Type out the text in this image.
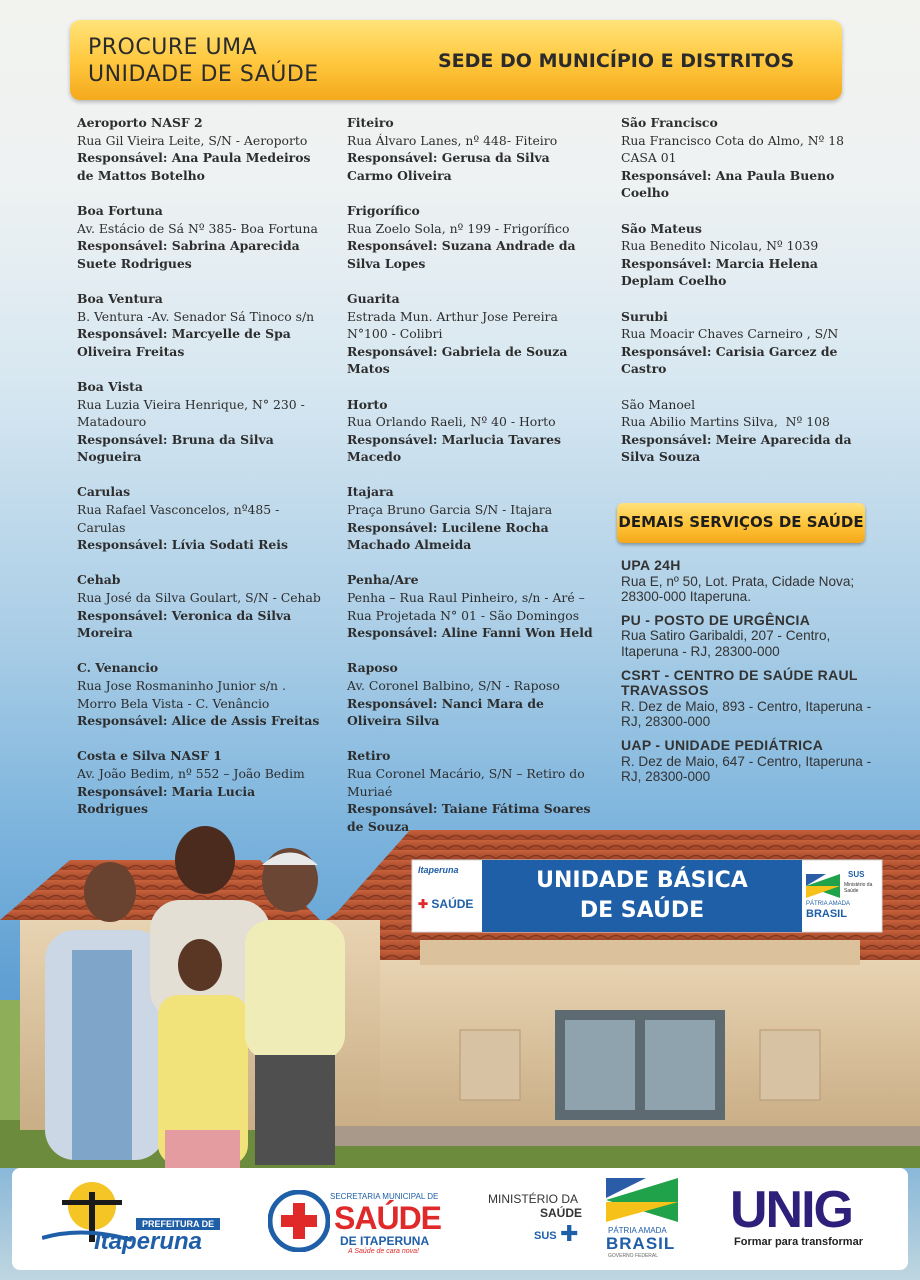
PROCURE UMA
UNIDADE DE SAÚDE
SEDE DO MUNICÍPIO E DISTRITOS
Aeroporto NASF 2
Rua Gil Vieira Leite, S/N - Aeroporto
Responsável: Ana Paula Medeiros de Mattos Botelho
Boa Fortuna
Av. Estácio de Sá Nº 385- Boa Fortuna
Responsável: Sabrina Aparecida Suete Rodrigues
Boa Ventura
B. Ventura -Av. Senador Sá Tinoco s/n
Responsável: Marcyelle de Spa Oliveira Freitas
Boa Vista
Rua Luzia Vieira Henrique, N° 230 - Matadouro
Responsável: Bruna da Silva Nogueira
Carulas
Rua Rafael Vasconcelos, nº485 - Carulas
Responsável: Lívia Sodati Reis
Cehab
Rua José da Silva Goulart, S/N - Cehab
Responsável: Veronica da Silva Moreira
C. Venancio
Rua Jose Rosmaninho Junior s/n . Morro Bela Vista - C. Venâncio
Responsável: Alice de Assis Freitas
Costa e Silva NASF 1
Av. João Bedim, nº 552 – João Bedim
Responsável: Maria Lucia Rodrigues
Fiteiro
Rua Álvaro Lanes, nº 448- Fiteiro
Responsável: Gerusa da Silva Carmo Oliveira
Frigorífico
Rua Zoelo Sola, nº 199 - Frigorífico
Responsável: Suzana Andrade da Silva Lopes
Guarita
Estrada Mun. Arthur Jose Pereira N°100 - Colibri
Responsável: Gabriela de Souza Matos
Horto
Rua Orlando Raeli, Nº 40 - Horto
Responsável: Marlucia Tavares Macedo
Itajara
Praça Bruno Garcia S/N - Itajara
Responsável: Lucilene Rocha Machado Almeida
Penha/Are
Penha – Rua Raul Pinheiro, s/n - Aré – Rua Projetada N° 01 - São Domingos
Responsável: Aline Fanni Won Held
Raposo
Av. Coronel Balbino, S/N - Raposo
Responsável: Nanci Mara de Oliveira Silva
Retiro
Rua Coronel Macário, S/N – Retiro do Muriaé
Responsável: Taiane Fátima Soares de Souza
São Francisco
Rua Francisco Cota do Almo, Nº 18 CASA 01
Responsável: Ana Paula Bueno Coelho
São Mateus
Rua Benedito Nicolau, Nº 1039
Responsável: Marcia Helena Deplam Coelho
Surubi
Rua Moacir Chaves Carneiro , S/N
Responsável: Carisia Garcez de Castro
São Manoel
Rua Abilio Martins Silva,  Nº 108
Responsável: Meire Aparecida da Silva Souza
DEMAIS SERVIÇOS DE SAÚDE
UPA 24H
Rua E, nº 50, Lot. Prata, Cidade Nova; 28300-000 Itaperuna.
PU - POSTO DE URGÊNCIA
Rua Satiro Garibaldi, 207 - Centro, Itaperuna - RJ, 28300-000
CSRT - CENTRO DE SAÚDE RAUL TRAVASSOS
R. Dez de Maio, 893 - Centro, Itaperuna - RJ, 28300-000
UAP - UNIDADE PEDIÁTRICA
R. Dez de Maio, 647 - Centro, Itaperuna - RJ, 28300-000
Itaperuna
✚ SAÚDE
UNIDADE BÁSICA
DE SAÚDE
SUS
Ministério da Saúde
PÁTRIA AMADA
BRASIL
PREFEITURA DE
Itaperuna
SECRETARIA MUNICIPAL DE
SAÚDE
DE ITAPERUNA
A Saúde de cara nova!
MINISTÉRIO DA
SAÚDE
SUS ✚	PÁTRIA AMADA
BRASIL
GOVERNO FEDERAL
UNIG
Formar para transformar
